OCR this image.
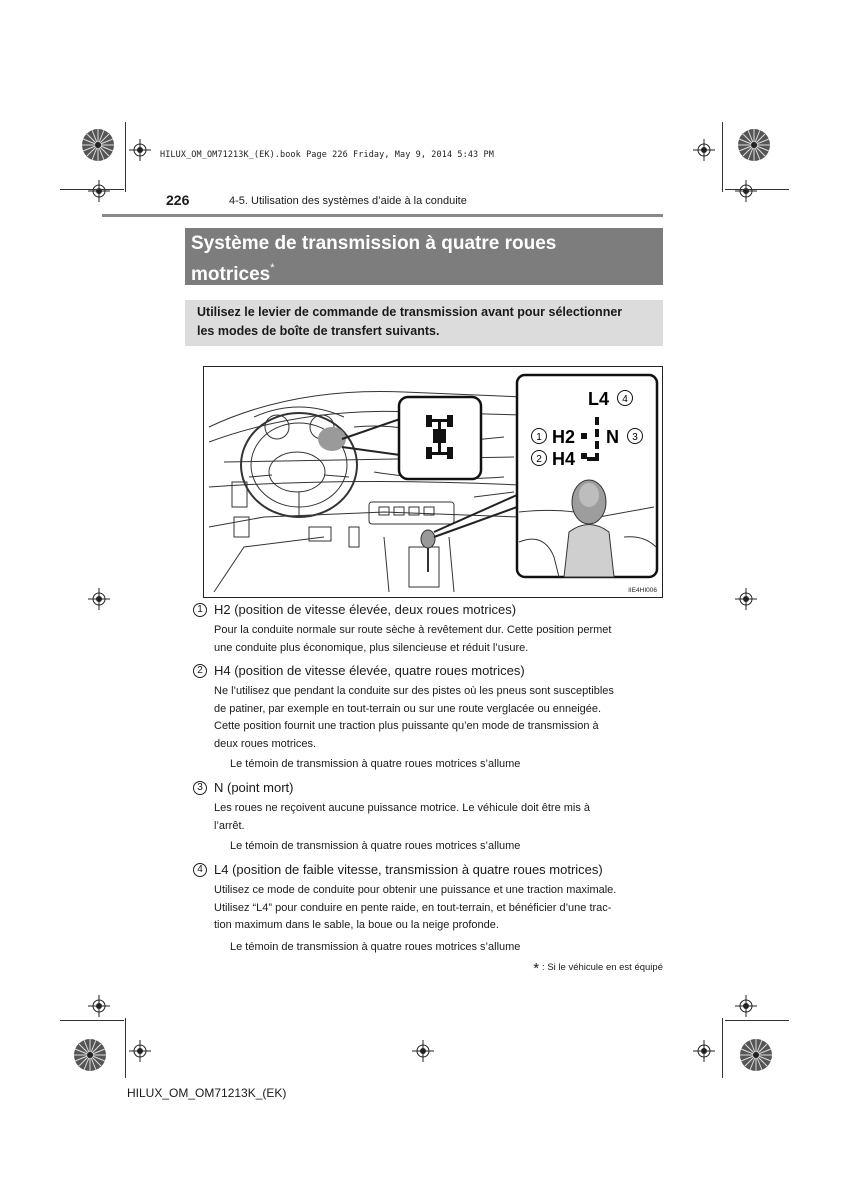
HILUX_OM_OM71213K_(EK).book Page 226 Friday, May 9, 2014 5:43 PM
226	4-5. Utilisation des systèmes d’aide à la conduite
Système de transmission à quatre roues
motrices*
Utilisez le levier de commande de transmission avant pour sélectionner
les modes de boîte de transfert suivants.
4
1
2
3
L4
H2
H4
N
IIE4HI006
1 H2 (position de vitesse élevée, deux roues motrices)
Pour la conduite normale sur route sèche à revêtement dur. Cette position permet
une conduite plus économique, plus silencieuse et réduit l’usure.
2 H4 (position de vitesse élevée, quatre roues motrices)
Ne l’utilisez que pendant la conduite sur des pistes où les pneus sont susceptibles
de patiner, par exemple en tout-terrain ou sur une route verglacée ou enneigée.
Cette position fournit une traction plus puissante qu’en mode de transmission à
deux roues motrices.
Le témoin de transmission à quatre roues motrices s’allume
3 N (point mort)
Les roues ne reçoivent aucune puissance motrice. Le véhicule doit être mis à
l’arrêt.
Le témoin de transmission à quatre roues motrices s’allume
4 L4 (position de faible vitesse, transmission à quatre roues motrices)
Utilisez ce mode de conduite pour obtenir une puissance et une traction maximale.
Utilisez “L4” pour conduire en pente raide, en tout-terrain, et bénéficier d’une trac-
tion maximum dans le sable, la boue ou la neige profonde.
Le témoin de transmission à quatre roues motrices s’allume
* : Si le véhicule en est équipé
HILUX_OM_OM71213K_(EK)
